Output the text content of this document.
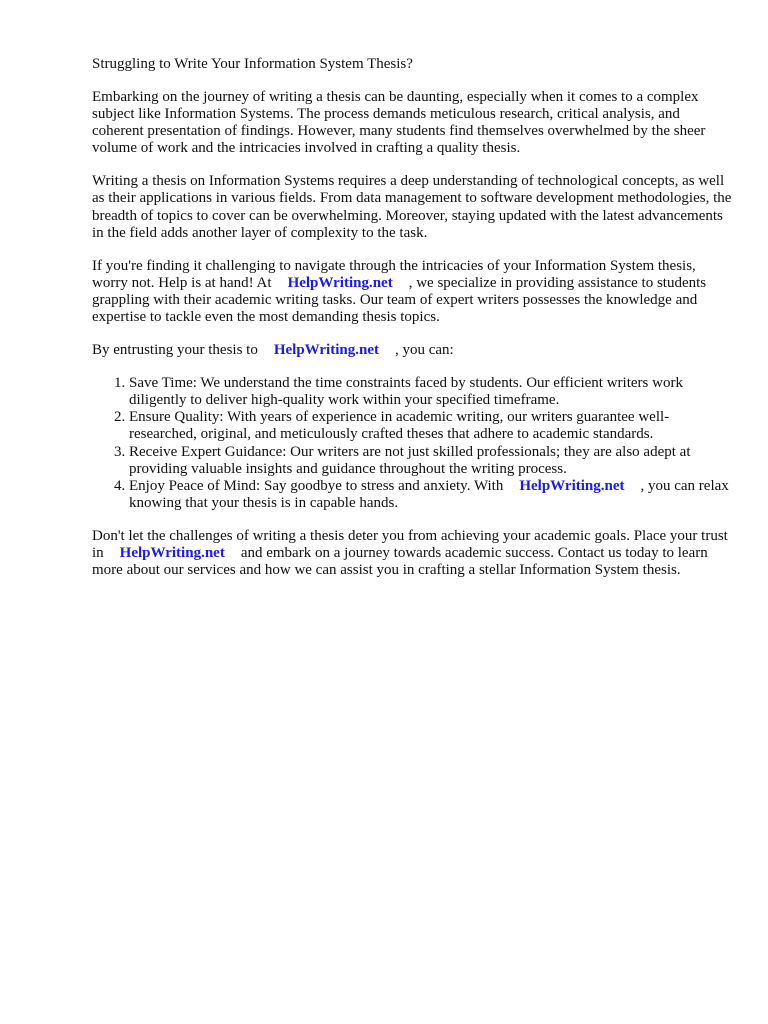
Struggling to Write Your Information System Thesis?

Embarking on the journey of writing a thesis can be daunting, especially when it comes to a complex subject like Information Systems. The process demands meticulous research, critical analysis, and coherent presentation of findings. However, many students find themselves overwhelmed by the sheer volume of work and the intricacies involved in crafting a quality thesis.

Writing a thesis on Information Systems requires a deep understanding of technological concepts, as well as their applications in various fields. From data management to software development methodologies, the breadth of topics to cover can be overwhelming. Moreover, staying updated with the latest advancements in the field adds another layer of complexity to the task.

If you're finding it challenging to navigate through the intricacies of your Information System thesis, worry not. Help is at hand! At HelpWriting.net , we specialize in providing assistance to students grappling with their academic writing tasks. Our team of expert writers possesses the knowledge and expertise to tackle even the most demanding thesis topics.

By entrusting your thesis to HelpWriting.net , you can:

1. Save Time: We understand the time constraints faced by students. Our efficient writers work diligently to deliver high-quality work within your specified timeframe.
2. Ensure Quality: With years of experience in academic writing, our writers guarantee well-researched, original, and meticulously crafted theses that adhere to academic standards.
3. Receive Expert Guidance: Our writers are not just skilled professionals; they are also adept at providing valuable insights and guidance throughout the writing process.
4. Enjoy Peace of Mind: Say goodbye to stress and anxiety. With HelpWriting.net , you can relax knowing that your thesis is in capable hands.

Don't let the challenges of writing a thesis deter you from achieving your academic goals. Place your trust in HelpWriting.net and embark on a journey towards academic success. Contact us today to learn more about our services and how we can assist you in crafting a stellar Information System thesis.
